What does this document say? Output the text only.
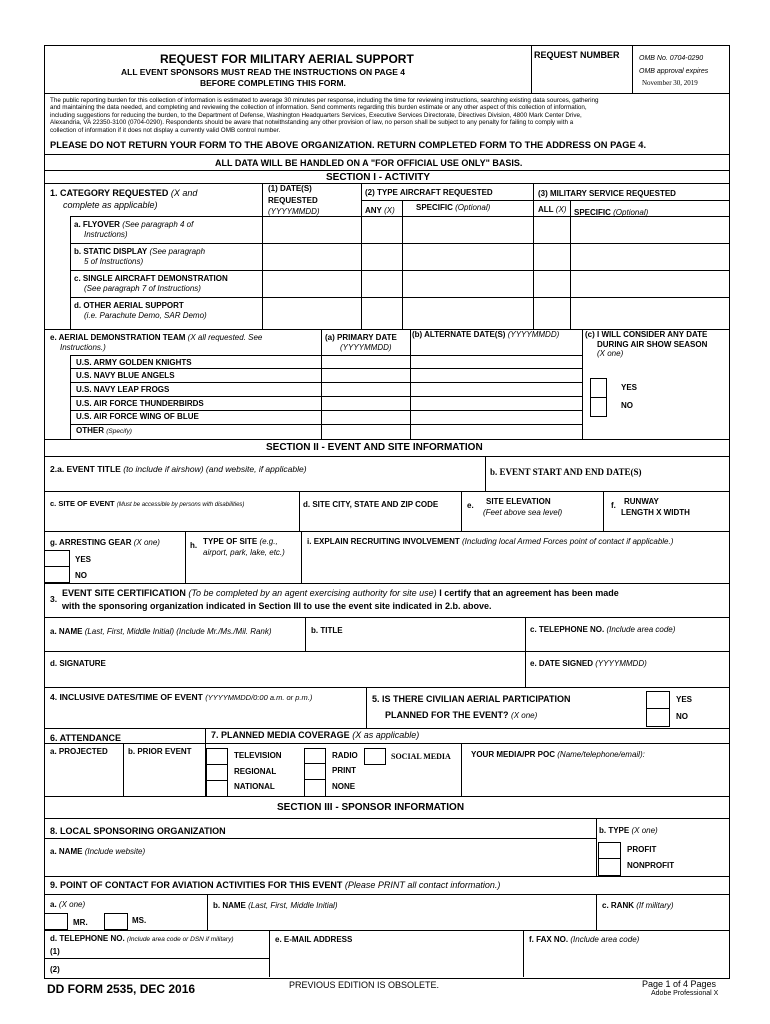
REQUEST FOR MILITARY AERIAL SUPPORT
ALL EVENT SPONSORS MUST READ THE INSTRUCTIONS ON PAGE 4
BEFORE COMPLETING THIS FORM.
REQUEST NUMBER	OMB No. 0704-0290
OMB approval expires
November 30, 2019
The public reporting burden for this collection of information is estimated to average 30 minutes per response, including the time for reviewing instructions, searching existing data sources, gathering
and maintaining the data needed, and completing and reviewing the collection of information. Send comments regarding this burden estimate or any other aspect of this collection of information,
including suggestions for reducing the burden, to the Department of Defense, Washington Headquarters Services, Executive Services Directorate, Directives Division, 4800 Mark Center Drive,
Alexandria, VA 22350-3100 (0704-0290). Respondents should be aware that notwithstanding any other provision of law, no person shall be subject to any penalty for failing to comply with a
collection of information if it does not display a currently valid OMB control number.
PLEASE DO NOT RETURN YOUR FORM TO THE ABOVE ORGANIZATION. RETURN COMPLETED FORM TO THE ADDRESS ON PAGE 4.
ALL DATA WILL BE HANDLED ON A "FOR OFFICIAL USE ONLY" BASIS.
SECTION I - ACTIVITY
1. CATEGORY REQUESTED (X and
complete as applicable)
(1) DATE(S)
REQUESTED
(YYYYMMDD)
(2) TYPE AIRCRAFT REQUESTED
ANY (X)	SPECIFIC (Optional)
(3) MILITARY SERVICE REQUESTED
ALL (X) SPECIFIC (Optional)
a. FLYOVER (See paragraph 4 of
Instructions)
b. STATIC DISPLAY (See paragraph
5 of Instructions)
c. SINGLE AIRCRAFT DEMONSTRATION
(See paragraph 7 of Instructions)
d. OTHER AERIAL SUPPORT
(i.e. Parachute Demo, SAR Demo)
e. AERIAL DEMONSTRATION TEAM (X all requested. See
Instructions.)
(a) PRIMARY DATE
(YYYYMMDD)
(b) ALTERNATE DATE(S) (YYYYMMDD)	(c) I WILL CONSIDER ANY DATE
DURING AIR SHOW SEASON
(X one)
U.S. ARMY GOLDEN KNIGHTS
U.S. NAVY BLUE ANGELS
U.S. NAVY LEAP FROGS
U.S. AIR FORCE THUNDERBIRDS
U.S. AIR FORCE WING OF BLUE
OTHER (Specify)
YES
NO
SECTION II - EVENT AND SITE INFORMATION
2.a. EVENT TITLE (to include if airshow) (and website, if applicable)	b. EVENT START AND END DATE(S)
c. SITE OF EVENT (Must be accessible by persons with disabilities)	d. SITE CITY, STATE AND ZIP CODE	e. SITE ELEVATION
(Feet above sea level)
f. RUNWAY
LENGTH X WIDTH
g. ARRESTING GEAR (X one)
YES
NO
h. TYPE OF SITE (e.g.,
airport, park, lake, etc.)
i. EXPLAIN RECRUITING INVOLVEMENT (Including local Armed Forces point of contact if applicable.)
3.
EVENT SITE CERTIFICATION (To be completed by an agent exercising authority for site use) I certify that an agreement has been made
with the sponsoring organization indicated in Section III to use the event site indicated in 2.b. above.
a. NAME (Last, First, Middle Initial) (Include Mr./Ms./Mil. Rank)	b. TITLE	c. TELEPHONE NO. (Include area code)
d. SIGNATURE	e. DATE SIGNED (YYYYMMDD)
4. INCLUSIVE DATES/TIME OF EVENT (YYYYMMDD/0:00 a.m. or p.m.)	5. IS THERE CIVILIAN AERIAL PARTICIPATION
PLANNED FOR THE EVENT? (X one)
YES
NO
6. ATTENDANCE	7. PLANNED MEDIA COVERAGE (X as applicable)
a. PROJECTED	b. PRIOR EVENT	TELEVISION
REGIONAL
NATIONAL
RADIO
PRINT
NONE
SOCIAL MEDIA	YOUR MEDIA/PR POC (Name/telephone/email):
SECTION III - SPONSOR INFORMATION
8. LOCAL SPONSORING ORGANIZATION	b. TYPE (X one)
a. NAME (Include website)	PROFIT
NONPROFIT
9. POINT OF CONTACT FOR AVIATION ACTIVITIES FOR THIS EVENT (Please PRINT all contact information.)
a. (X one)
MR.	MS.
b. NAME (Last, First, Middle Initial)	c. RANK (If military)
d. TELEPHONE NO. (Include area code or DSN if military)
(1)
(2)
e. E-MAIL ADDRESS	f. FAX NO. (Include area code)
DD FORM 2535, DEC 2016	PREVIOUS EDITION IS OBSOLETE.	Page 1 of 4 Pages
Adobe Professional X
